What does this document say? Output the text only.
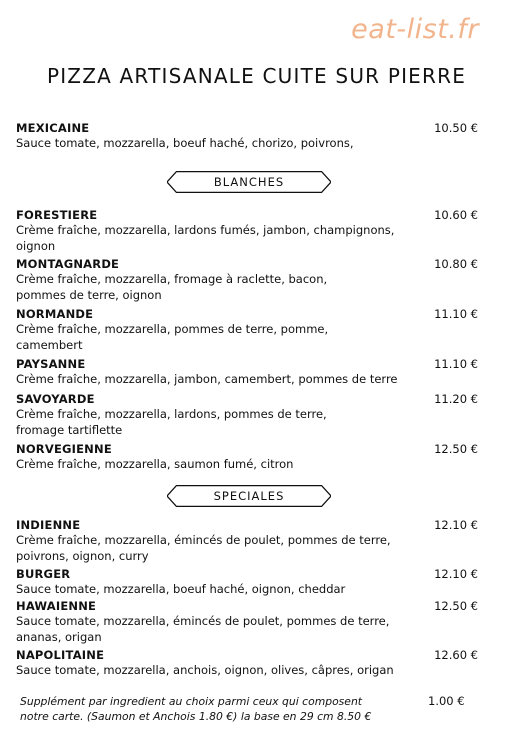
eat-list.fr
PIZZA ARTISANALE CUITE SUR PIERRE
MEXICAINE
Sauce tomate, mozzarella, boeuf haché, chorizo, poivrons,
10.50 €
BLANCHES
FORESTIERE
Crème fraîche, mozzarella, lardons fumés, jambon, champignons, oignon
10.60 €
MONTAGNARDE
Crème fraîche, mozzarella, fromage à raclette, bacon, pommes de terre, oignon
10.80 €
NORMANDE
Crème fraîche, mozzarella, pommes de terre, pomme, camembert
11.10 €
PAYSANNE
Crème fraîche, mozzarella, jambon, camembert, pommes de terre
11.10 €
SAVOYARDE
Crème fraîche, mozzarella, lardons, pommes de terre, fromage tartiflette
11.20 €
NORVEGIENNE
Crème fraîche, mozzarella, saumon fumé, citron
12.50 €
SPECIALES
INDIENNE
Crème fraîche, mozzarella, émincés de poulet, pommes de terre, poivrons, oignon, curry
12.10 €
BURGER
Sauce tomate, mozzarella, boeuf haché, oignon, cheddar
12.10 €
HAWAIENNE
Sauce tomate, mozzarella, émincés de poulet, pommes de terre, ananas, origan
12.50 €
NAPOLITAINE
Sauce tomate, mozzarella, anchois, oignon, olives, câpres, origan
12.60 €
Supplément par ingredient au choix parmi ceux qui composent
notre carte. (Saumon et Anchois 1.80 €) la base en 29 cm 8.50 €
1.00 €
